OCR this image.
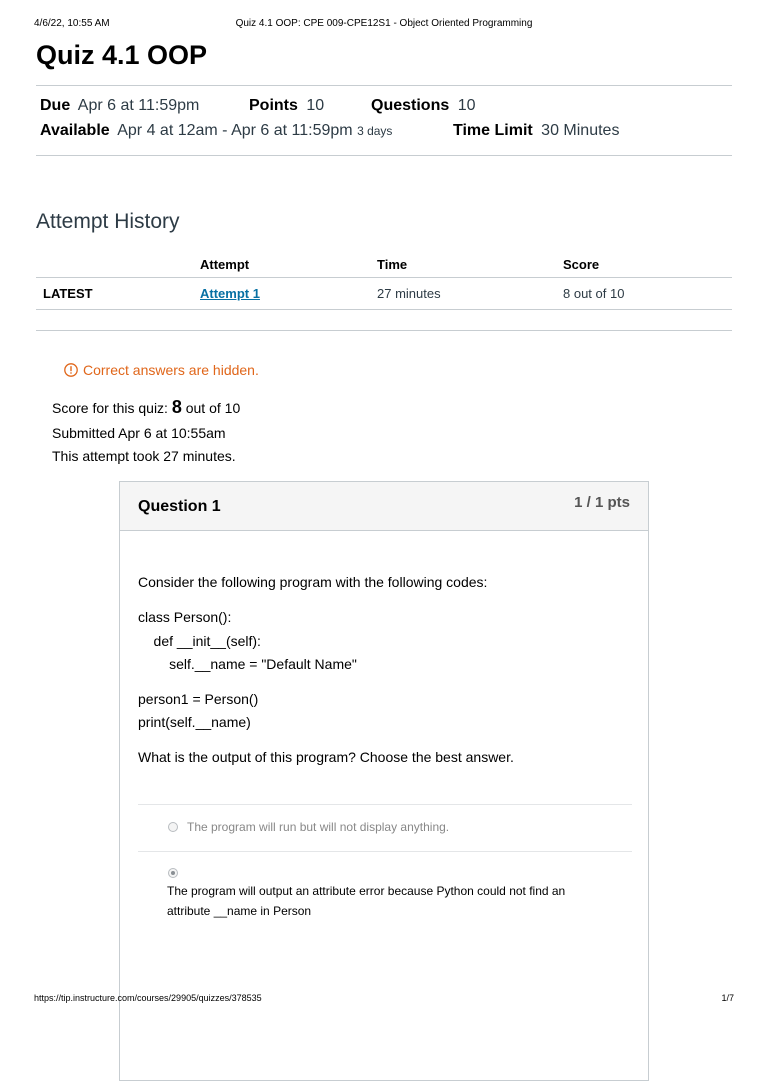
4/6/22, 10:55 AM	Quiz 4.1 OOP: CPE 009-CPE12S1 - Object Oriented Programming
Quiz 4.1 OOP
Due Apr 6 at 11:59pm	Points 10	Questions 10
Available Apr 4 at 12am - Apr 6 at 11:59pm 3 days	Time Limit 30 Minutes
Attempt History
	Attempt	Time	Score
LATEST	Attempt 1	27 minutes	8 out of 10
Correct answers are hidden.
Score for this quiz: 8 out of 10
Submitted Apr 6 at 10:55am
This attempt took 27 minutes.
Question 1	1 / 1 pts
Consider the following program with the following codes:
class Person():
def __init__(self):
self.__name = "Default Name"
person1 = Person()
print(self.__name)
What is the output of this program? Choose the best answer.
The program will run but will not display anything.
The program will output an attribute error because Python could not find an
attribute __name in Person
https://tip.instructure.com/courses/29905/quizzes/378535	1/7
